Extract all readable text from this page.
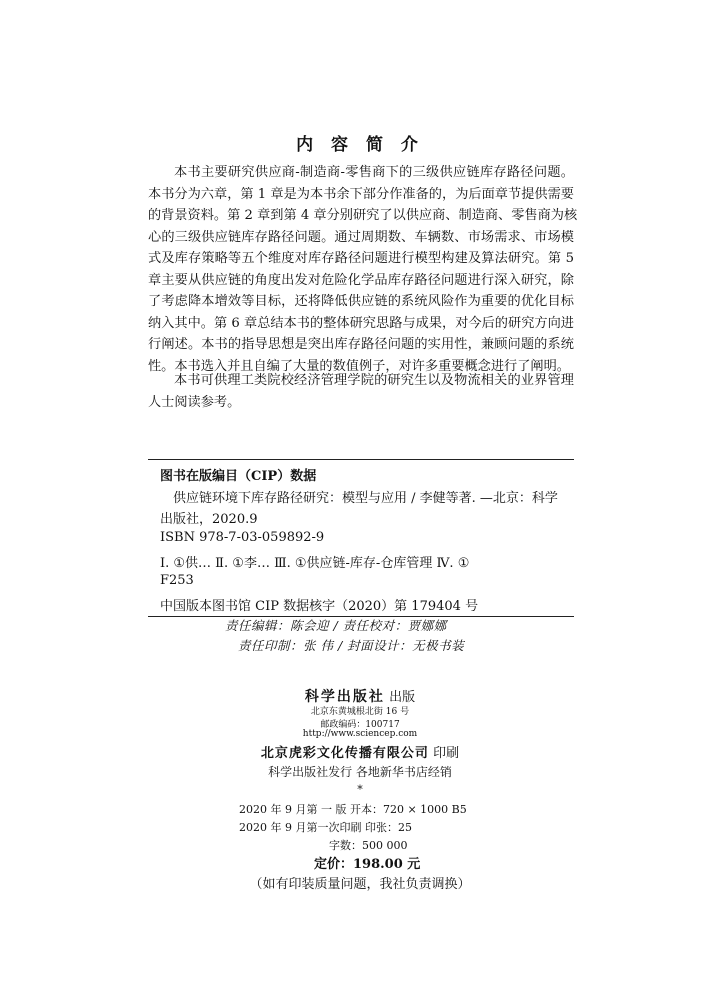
内 容 简 介
本书主要研究供应商-制造商-零售商下的三级供应链库存路径问题。
本书分为六章，第 1 章是为本书余下部分作准备的，为后面章节提供需要
的背景资料。第 2 章到第 4 章分别研究了以供应商、制造商、零售商为核
心的三级供应链库存路径问题。通过周期数、车辆数、市场需求、市场模
式及库存策略等五个维度对库存路径问题进行模型构建及算法研究。第 5
章主要从供应链的角度出发对危险化学品库存路径问题进行深入研究，除
了考虑降本增效等目标，还将降低供应链的系统风险作为重要的优化目标
纳入其中。第 6 章总结本书的整体研究思路与成果，对今后的研究方向进
行阐述。本书的指导思想是突出库存路径问题的实用性，兼顾问题的系统
性。本书选入并且自编了大量的数值例子，对许多重要概念进行了阐明。
本书可供理工类院校经济管理学院的研究生以及物流相关的业界管理
人士阅读参考。
图书在版编目（CIP）数据
供应链环境下库存路径研究：模型与应用 / 李健等著. —北京：科学
出版社，2020.9
ISBN 978-7-03-059892-9
Ⅰ. ①供… Ⅱ. ①李… Ⅲ. ①供应链-库存-仓库管理 Ⅳ. ①
F253
中国版本图书馆 CIP 数据核字（2020）第 179404 号
责任编辑：陈会迎 / 责任校对：贾娜娜
责任印制：张 伟 / 封面设计：无极书装
科学出版社 出版
北京东黄城根北街 16 号
邮政编码：100717
http://www.sciencep.com
北京虎彩文化传播有限公司 印刷
科学出版社发行 各地新华书店经销
*
2020 年 9 月第 一 版 开本：720 × 1000 B5
2020 年 9 月第一次印刷 印张：25
字数：500 000
定价：198.00 元
（如有印装质量问题，我社负责调换）
